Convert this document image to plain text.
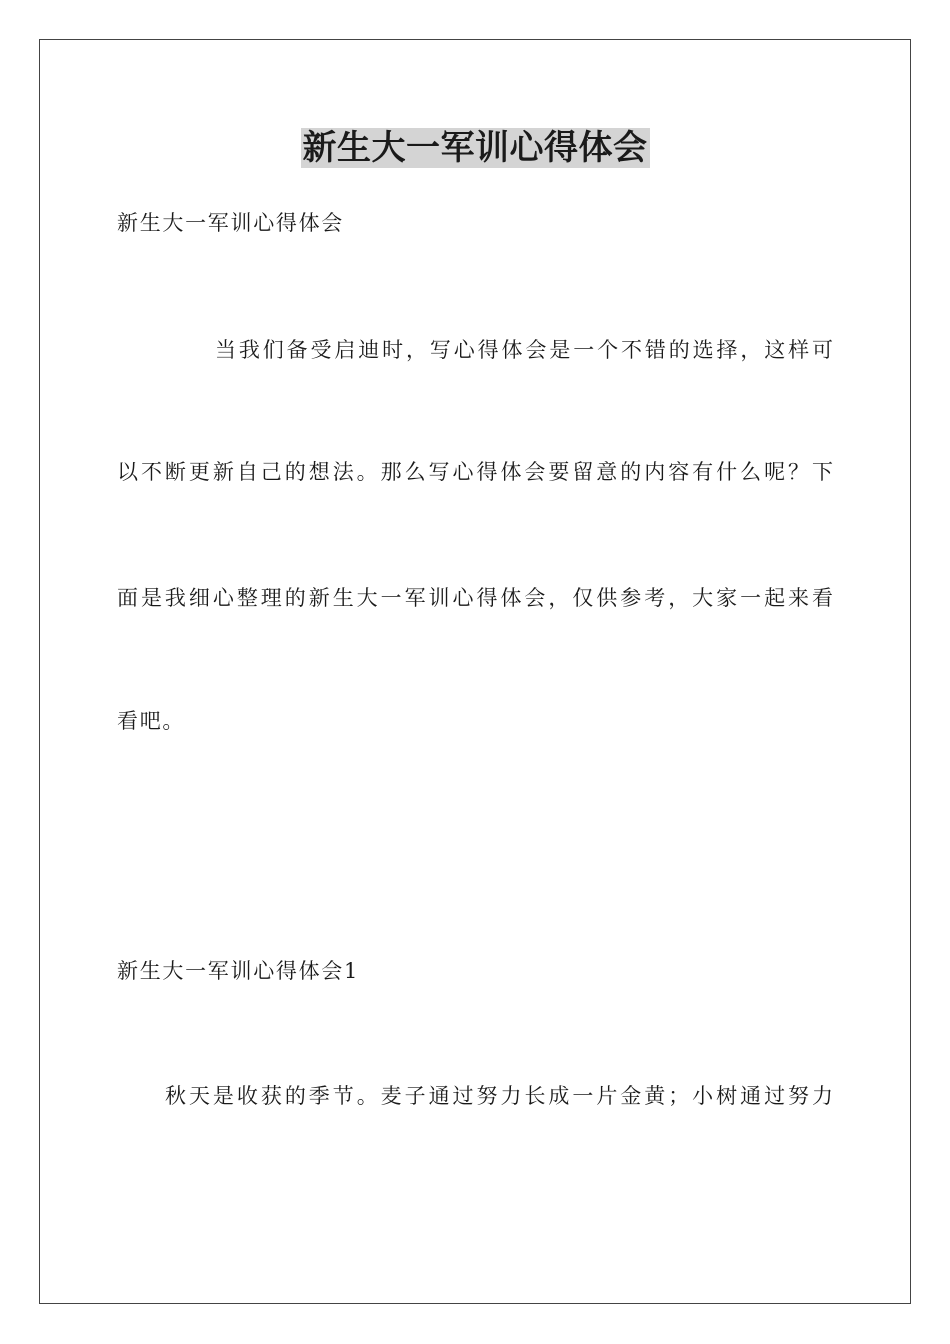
新生大一军训心得体会
新生大一军训心得体会
当我们备受启迪时，写心得体会是一个不错的选择，这样可
以不断更新自己的想法。那么写心得体会要留意的内容有什么呢？下
面是我细心整理的新生大一军训心得体会，仅供参考，大家一起来看
看吧。
新生大一军训心得体会1
秋天是收获的季节。麦子通过努力长成一片金黄；小树通过努力
